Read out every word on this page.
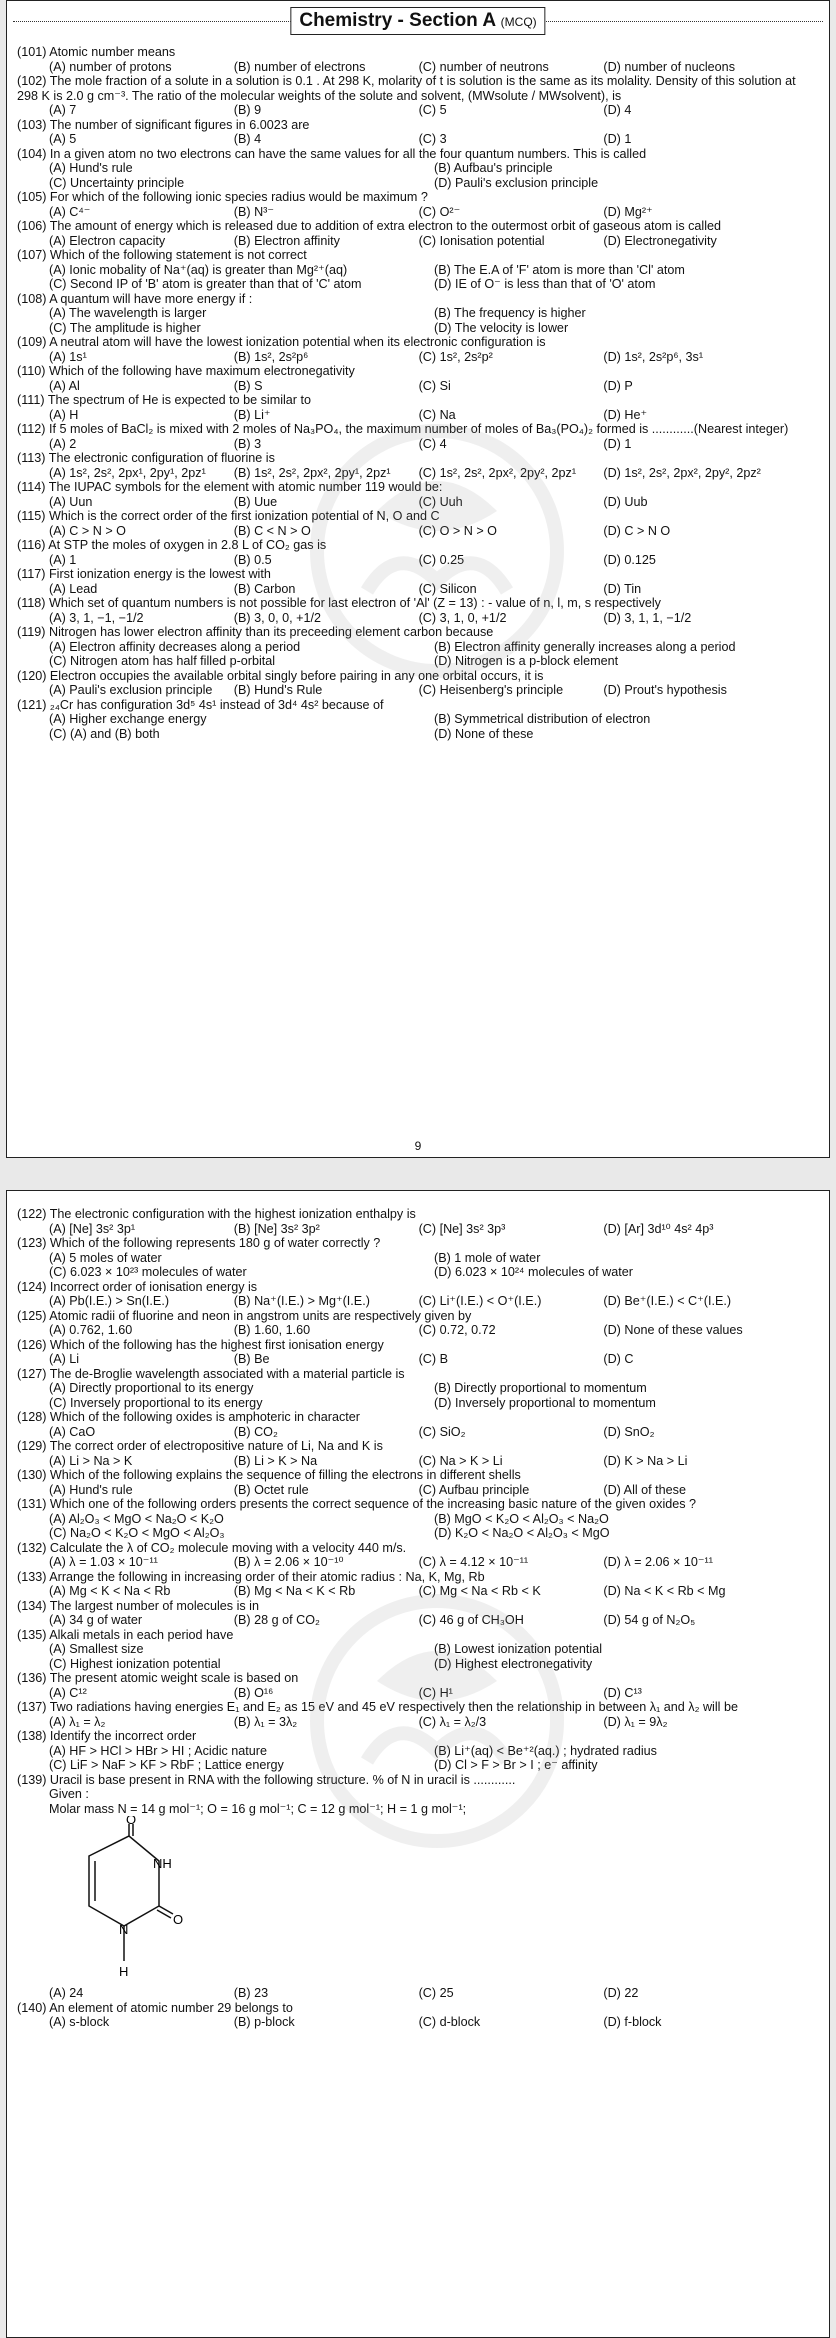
Chemistry - Section A (MCQ)
(101) Atomic number means
(A) number of protons	(B) number of electrons	(C) number of neutrons	(D) number of nucleons
(102) The mole fraction of a solute in a solution is 0.1 . At 298 K, molarity of t is solution is the same as its molality. Density of this solution at 298 K is 2.0 g cm⁻³. The ratio of the molecular weights of the solute and solvent, (MWsolute / MWsolvent), is
(A) 7	(B) 9	(C) 5	(D) 4
(103) The number of significant figures in 6.0023 are
(A) 5	(B) 4	(C) 3	(D) 1
(104) In a given atom no two electrons can have the same values for all the four quantum numbers. This is called
(A) Hund's rule	(B) Aufbau's principle
(C) Uncertainty principle	(D) Pauli's exclusion principle
(105) For which of the following ionic species radius would be maximum ?
(A) C⁴⁻	(B) N³⁻	(C) O²⁻	(D) Mg²⁺
(106) The amount of energy which is released due to addition of extra electron to the outermost orbit of gaseous atom is called
(A) Electron capacity	(B) Electron affinity	(C) Ionisation potential	(D) Electronegativity
(107) Which of the following statement is not correct
(A) Ionic mobality of Na⁺(aq) is greater than Mg²⁺(aq)	(B) The E.A of 'F' atom is more than 'Cl' atom
(C) Second IP of 'B' atom is greater than that of 'C' atom	(D) IE of O⁻ is less than that of 'O' atom
(108) A quantum will have more energy if :
(A) The wavelength is larger	(B) The frequency is higher
(C) The amplitude is higher	(D) The velocity is lower
(109) A neutral atom will have the lowest ionization potential when its electronic configuration is
(A) 1s¹	(B) 1s², 2s²p⁶	(C) 1s², 2s²p²	(D) 1s², 2s²p⁶, 3s¹
(110) Which of the following have maximum electronegativity
(A) Al	(B) S	(C) Si	(D) P
(111) The spectrum of He is expected to be similar to
(A) H	(B) Li⁺	(C) Na	(D) He⁺
(112) If 5 moles of BaCl₂ is mixed with 2 moles of Na₃PO₄, the maximum number of moles of Ba₃(PO₄)₂ formed is ............(Nearest integer)
(A) 2	(B) 3	(C) 4	(D) 1
(113) The electronic configuration of fluorine is
(A) 1s², 2s², 2px¹, 2py¹, 2pz¹	(B) 1s², 2s², 2px², 2py¹, 2pz¹	(C) 1s², 2s², 2px², 2py², 2pz¹	(D) 1s², 2s², 2px², 2py², 2pz²
(114) The IUPAC symbols for the element with atomic number 119 would be:
(A) Uun	(B) Uue	(C) Uuh	(D) Uub
(115) Which is the correct order of the first ionization potential of N, O and C
(A) C > N > O	(B) C < N > O	(C) O > N > O	(D) C > N O
(116) At STP the moles of oxygen in 2.8 L of CO₂ gas is
(A) 1	(B) 0.5	(C) 0.25	(D) 0.125
(117) First ionization energy is the lowest with
(A) Lead	(B) Carbon	(C) Silicon	(D) Tin
(118) Which set of quantum numbers is not possible for last electron of 'Al' (Z = 13) : - value of n, l, m, s respectively
(A) 3, 1, −1, −1/2	(B) 3, 0, 0, +1/2	(C) 3, 1, 0, +1/2	(D) 3, 1, 1, −1/2
(119) Nitrogen has lower electron affinity than its preceeding element carbon because
(A) Electron affinity decreases along a period	(B) Electron affinity generally increases along a period
(C) Nitrogen atom has half filled p-orbital	(D) Nitrogen is a p-block element
(120) Electron occupies the available orbital singly before pairing in any one orbital occurs, it is
(A) Pauli's exclusion principle	(B) Hund's Rule	(C) Heisenberg's principle	(D) Prout's hypothesis
(121) ₂₄Cr has configuration 3d⁵ 4s¹ instead of 3d⁴ 4s² because of
(A) Higher exchange energy	(B) Symmetrical distribution of electron
(C) (A) and (B) both	(D) None of these
9
(122) The electronic configuration with the highest ionization enthalpy is
(A) [Ne] 3s² 3p¹	(B) [Ne] 3s² 3p²	(C) [Ne] 3s² 3p³	(D) [Ar] 3d¹⁰ 4s² 4p³
(123) Which of the following represents 180 g of water correctly ?
(A) 5 moles of water	(B) 1 mole of water
(C) 6.023 × 10²³ molecules of water	(D) 6.023 × 10²⁴ molecules of water
(124) Incorrect order of ionisation energy is
(A) Pb(I.E.) > Sn(I.E.)	(B) Na⁺(I.E.) > Mg⁺(I.E.)	(C) Li⁺(I.E.) < O⁺(I.E.)	(D) Be⁺(I.E.) < C⁺(I.E.)
(125) Atomic radii of fluorine and neon in angstrom units are respectively given by
(A) 0.762, 1.60	(B) 1.60, 1.60	(C) 0.72, 0.72	(D) None of these values
(126) Which of the following has the highest first ionisation energy
(A) Li	(B) Be	(C) B	(D) C
(127) The de-Broglie wavelength associated with a material particle is
(A) Directly proportional to its energy	(B) Directly proportional to momentum
(C) Inversely proportional to its energy	(D) Inversely proportional to momentum
(128) Which of the following oxides is amphoteric in character
(A) CaO	(B) CO₂	(C) SiO₂	(D) SnO₂
(129) The correct order of electropositive nature of Li, Na and K is
(A) Li > Na > K	(B) Li > K > Na	(C) Na > K > Li	(D) K > Na > Li
(130) Which of the following explains the sequence of filling the electrons in different shells
(A) Hund's rule	(B) Octet rule	(C) Aufbau principle	(D) All of these
(131) Which one of the following orders presents the correct sequence of the increasing basic nature of the given oxides ?
(A) Al₂O₃ < MgO < Na₂O < K₂O	(B) MgO < K₂O < Al₂O₃ < Na₂O
(C) Na₂O < K₂O < MgO < Al₂O₃	(D) K₂O < Na₂O < Al₂O₃ < MgO
(132) Calculate the λ of CO₂ molecule moving with a velocity 440 m/s.
(A) λ = 1.03 × 10⁻¹¹	(B) λ = 2.06 × 10⁻¹⁰	(C) λ = 4.12 × 10⁻¹¹	(D) λ = 2.06 × 10⁻¹¹
(133) Arrange the following in increasing order of their atomic radius : Na, K, Mg, Rb
(A) Mg < K < Na < Rb	(B) Mg < Na < K < Rb	(C) Mg < Na < Rb < K	(D) Na < K < Rb < Mg
(134) The largest number of molecules is in
(A) 34 g of water	(B) 28 g of CO₂	(C) 46 g of CH₃OH	(D) 54 g of N₂O₅
(135) Alkali metals in each period have
(A) Smallest size	(B) Lowest ionization potential
(C) Highest ionization potential	(D) Highest electronegativity
(136) The present atomic weight scale is based on
(A) C¹²	(B) O¹⁶	(C) H¹	(D) C¹³
(137) Two radiations having energies E₁ and E₂ as 15 eV and 45 eV respectively then the relationship in between λ₁ and λ₂ will be
(A) λ₁ = λ₂	(B) λ₁ = 3λ₂	(C) λ₁ = λ₂/3	(D) λ₁ = 9λ₂
(138) Identify the incorrect order
(A) HF > HCl > HBr > HI ; Acidic nature	(B) Li⁺(aq) < Be⁺²(aq.) ; hydrated radius
(C) LiF > NaF > KF > RbF ; Lattice energy	(D) Cl > F > Br > I ; e⁻ affinity
(139) Uracil is base present in RNA with the following structure. % of N in uracil is ............
Given :
Molar mass N = 14 g mol⁻¹; O = 16 g mol⁻¹; C = 12 g mol⁻¹; H = 1 g mol⁻¹;
O
NH
O
N
H
(A) 24	(B) 23	(C) 25	(D) 22
(140) An element of atomic number 29 belongs to
(A) s-block	(B) p-block	(C) d-block	(D) f-block
